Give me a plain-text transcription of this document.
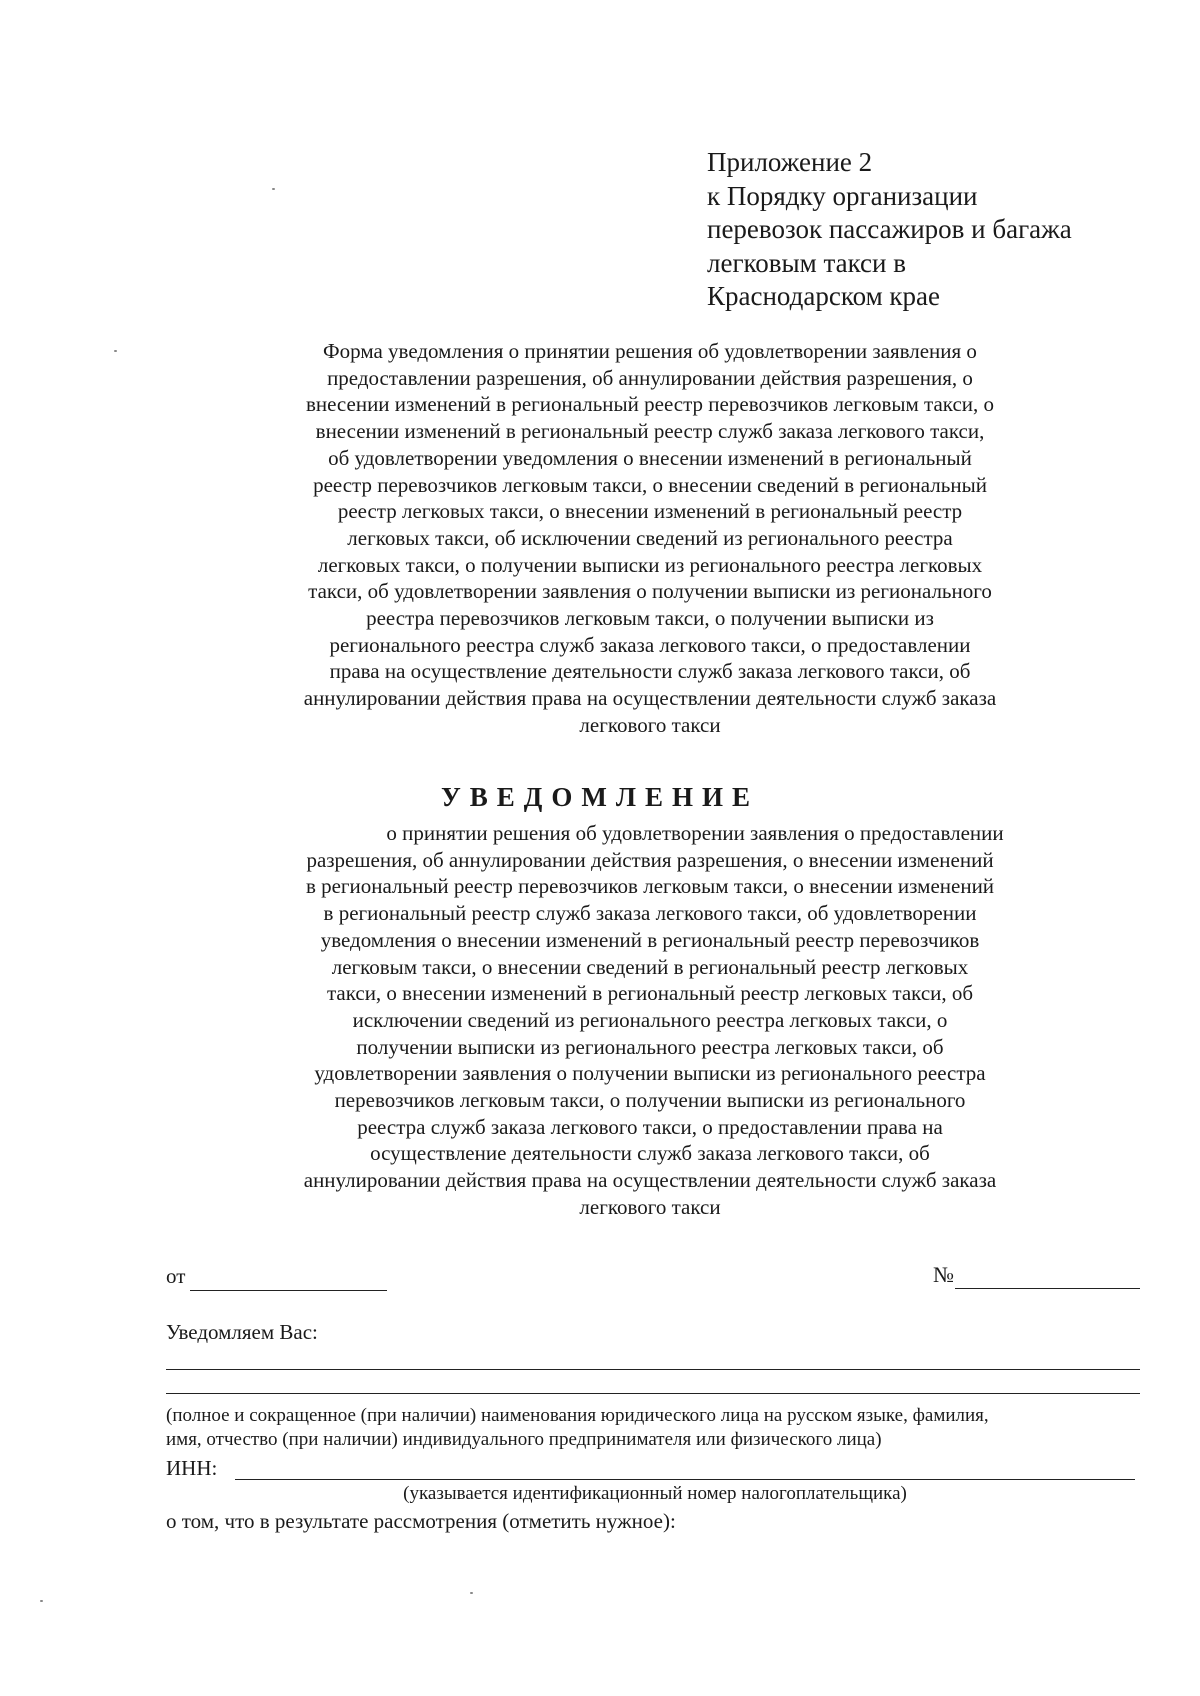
Приложение 2
к Порядку организации
перевозок пассажиров и багажа
легковым такси в
Краснодарском крае
Форма уведомления о принятии решения об удовлетворении заявления о
предоставлении разрешения, об аннулировании действия разрешения, о
внесении изменений в региональный реестр перевозчиков легковым такси, о
внесении изменений в региональный реестр служб заказа легкового такси,
об удовлетворении уведомления о внесении изменений в региональный
реестр перевозчиков легковым такси, о внесении сведений в региональный
реестр легковых такси, о внесении изменений в региональный реестр
легковых такси, об исключении сведений из регионального реестра
легковых такси, о получении выписки из регионального реестра легковых
такси, об удовлетворении заявления о получении выписки из регионального
реестра перевозчиков легковым такси, о получении выписки из
регионального реестра служб заказа легкового такси, о предоставлении
права на осуществление деятельности служб заказа легкового такси, об
аннулировании действия права на осуществлении деятельности служб заказа
легкового такси
УВЕДОМЛЕНИЕ
о принятии решения об удовлетворении заявления о предоставлении
разрешения, об аннулировании действия разрешения, о внесении изменений
в региональный реестр перевозчиков легковым такси, о внесении изменений
в региональный реестр служб заказа легкового такси, об удовлетворении
уведомления о внесении изменений в региональный реестр перевозчиков
легковым такси, о внесении сведений в региональный реестр легковых
такси, о внесении изменений в региональный реестр легковых такси, об
исключении сведений из регионального реестра легковых такси, о
получении выписки из регионального реестра легковых такси, об
удовлетворении заявления о получении выписки из регионального реестра
перевозчиков легковым такси, о получении выписки из регионального
реестра служб заказа легкового такси, о предоставлении права на
осуществление деятельности служб заказа легкового такси, об
аннулировании действия права на осуществлении деятельности служб заказа
легкового такси
от	№
Уведомляем Вас:
(полное и сокращенное (при наличии) наименования юридического лица на русском языке, фамилия,
имя, отчество (при наличии) индивидуального предпринимателя или физического лица)
ИНН:
(указывается идентификационный номер налогоплательщика)
о том, что в результате рассмотрения (отметить нужное):
